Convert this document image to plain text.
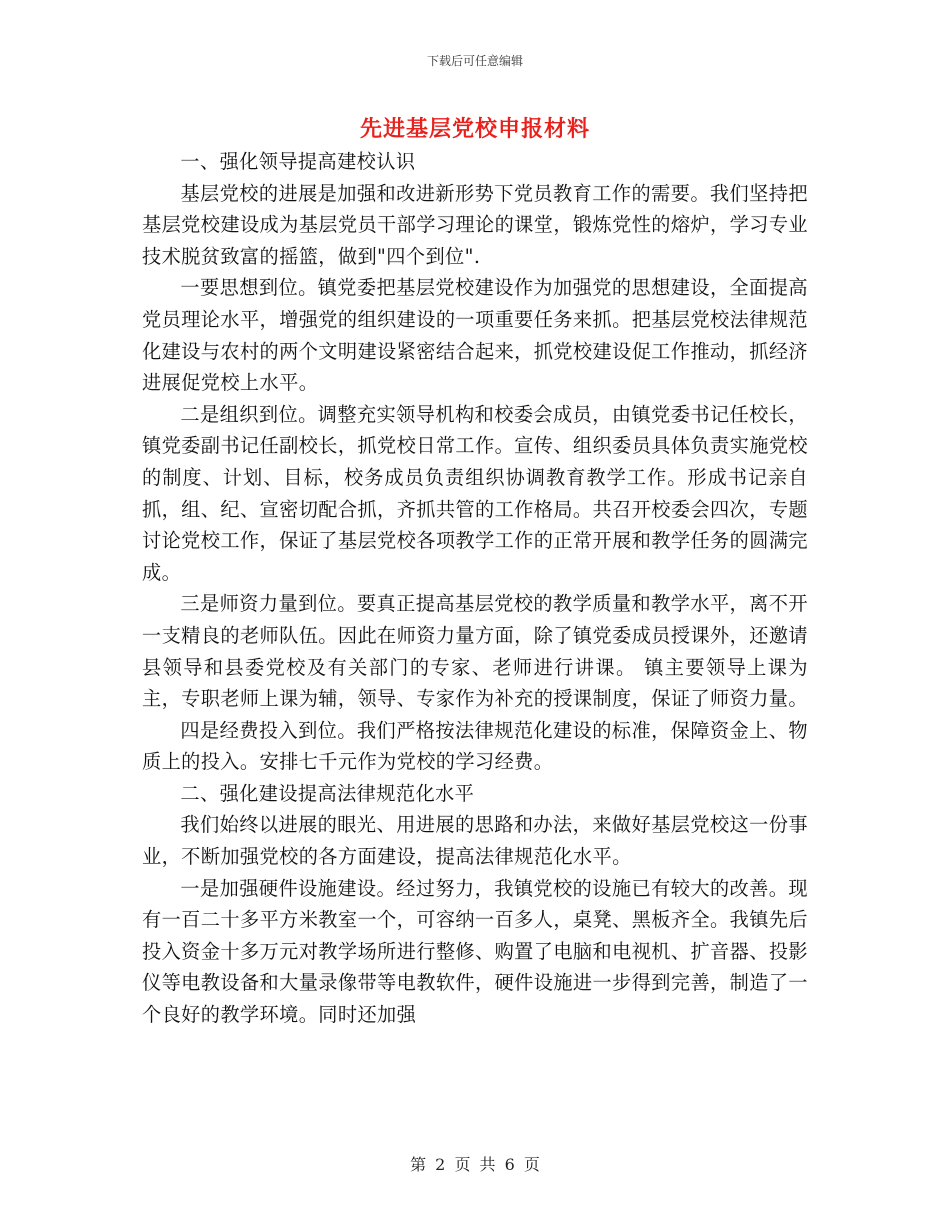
下载后可任意编辑
先进基层党校申报材料

一、强化领导提高建校认识

基层党校的进展是加强和改进新形势下党员教育工作的需要。我们坚持把基层党校建设成为基层党员干部学习理论的课堂，锻炼党性的熔炉，学习专业技术脱贫致富的摇篮，做到"四个到位".

一要思想到位。镇党委把基层党校建设作为加强党的思想建设，全面提高党员理论水平，增强党的组织建设的一项重要任务来抓。把基层党校法律规范化建设与农村的两个文明建设紧密结合起来，抓党校建设促工作推动，抓经济进展促党校上水平。

二是组织到位。调整充实领导机构和校委会成员，由镇党委书记任校长，镇党委副书记任副校长，抓党校日常工作。宣传、组织委员具体负责实施党校的制度、计划、目标，校务成员负责组织协调教育教学工作。形成书记亲自抓，组、纪、宣密切配合抓，齐抓共管的工作格局。共召开校委会四次，专题讨论党校工作，保证了基层党校各项教学工作的正常开展和教学任务的圆满完成。

三是师资力量到位。要真正提高基层党校的教学质量和教学水平，离不开一支精良的老师队伍。因此在师资力量方面，除了镇党委成员授课外，还邀请县领导和县委党校及有关部门的专家、老师进行讲课。 镇主要领导上课为主，专职老师上课为辅，领导、专家作为补充的授课制度，保证了师资力量。

四是经费投入到位。我们严格按法律规范化建设的标准，保障资金上、物质上的投入。安排七千元作为党校的学习经费。

二、强化建设提高法律规范化水平

我们始终以进展的眼光、用进展的思路和办法，来做好基层党校这一份事业，不断加强党校的各方面建设，提高法律规范化水平。

一是加强硬件设施建设。经过努力，我镇党校的设施已有较大的改善。现有一百二十多平方米教室一个，可容纳一百多人，桌凳、黑板齐全。我镇先后投入资金十多万元对教学场所进行整修、购置了电脑和电视机、扩音器、投影仪等电教设备和大量录像带等电教软件，硬件设施进一步得到完善，制造了一个良好的教学环境。同时还加强

第 2 页 共 6 页
